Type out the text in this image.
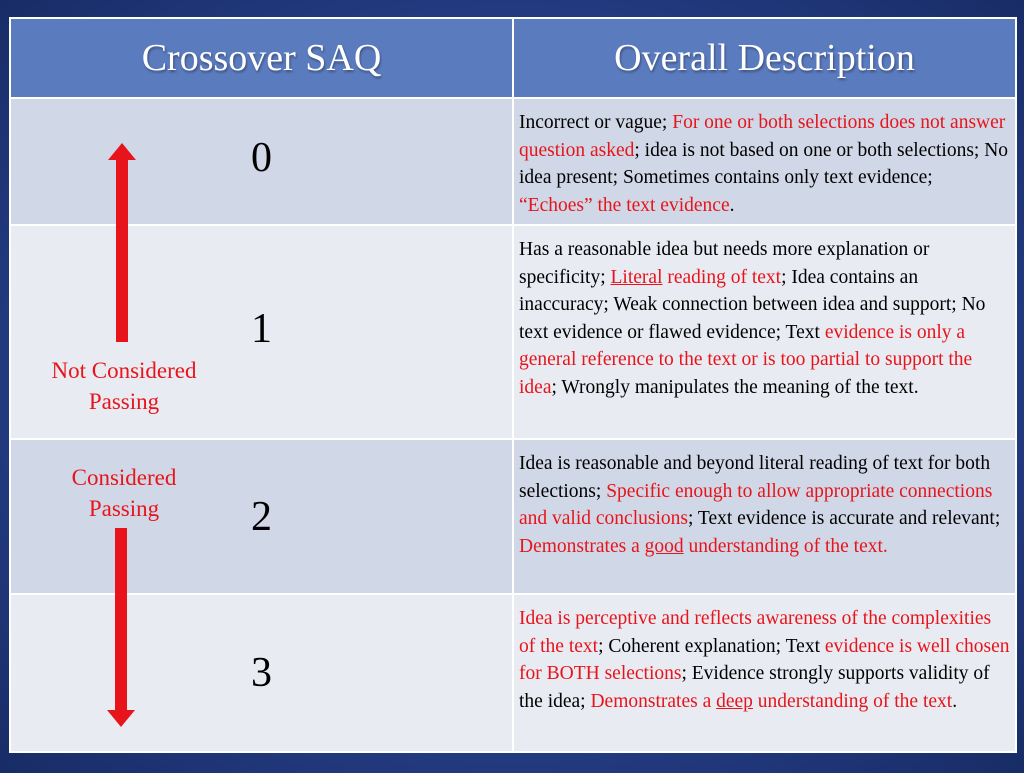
Crossover SAQ	Overall Description
0	Incorrect or vague; For one or both selections does not answer question asked; idea is not based on one or both selections; No idea present; Sometimes contains only text evidence; “Echoes” the text evidence.
1	Has a reasonable idea but needs more explanation or specificity; Literal reading of text; Idea contains an inaccuracy; Weak connection between idea and support; No text evidence or flawed evidence; Text evidence is only a general reference to the text or is too partial to support the idea; Wrongly manipulates the meaning of the text.
2	Idea is reasonable and beyond literal reading of text for both selections; Specific enough to allow appropriate connections and valid conclusions; Text evidence is accurate and relevant; Demonstrates a good understanding of the text.
3	Idea is perceptive and reflects awareness of the complexities of the text; Coherent explanation; Text evidence is well chosen for BOTH selections; Evidence strongly supports validity of the idea; Demonstrates a deep understanding of the text.
Not Considered Passing
Considered Passing
